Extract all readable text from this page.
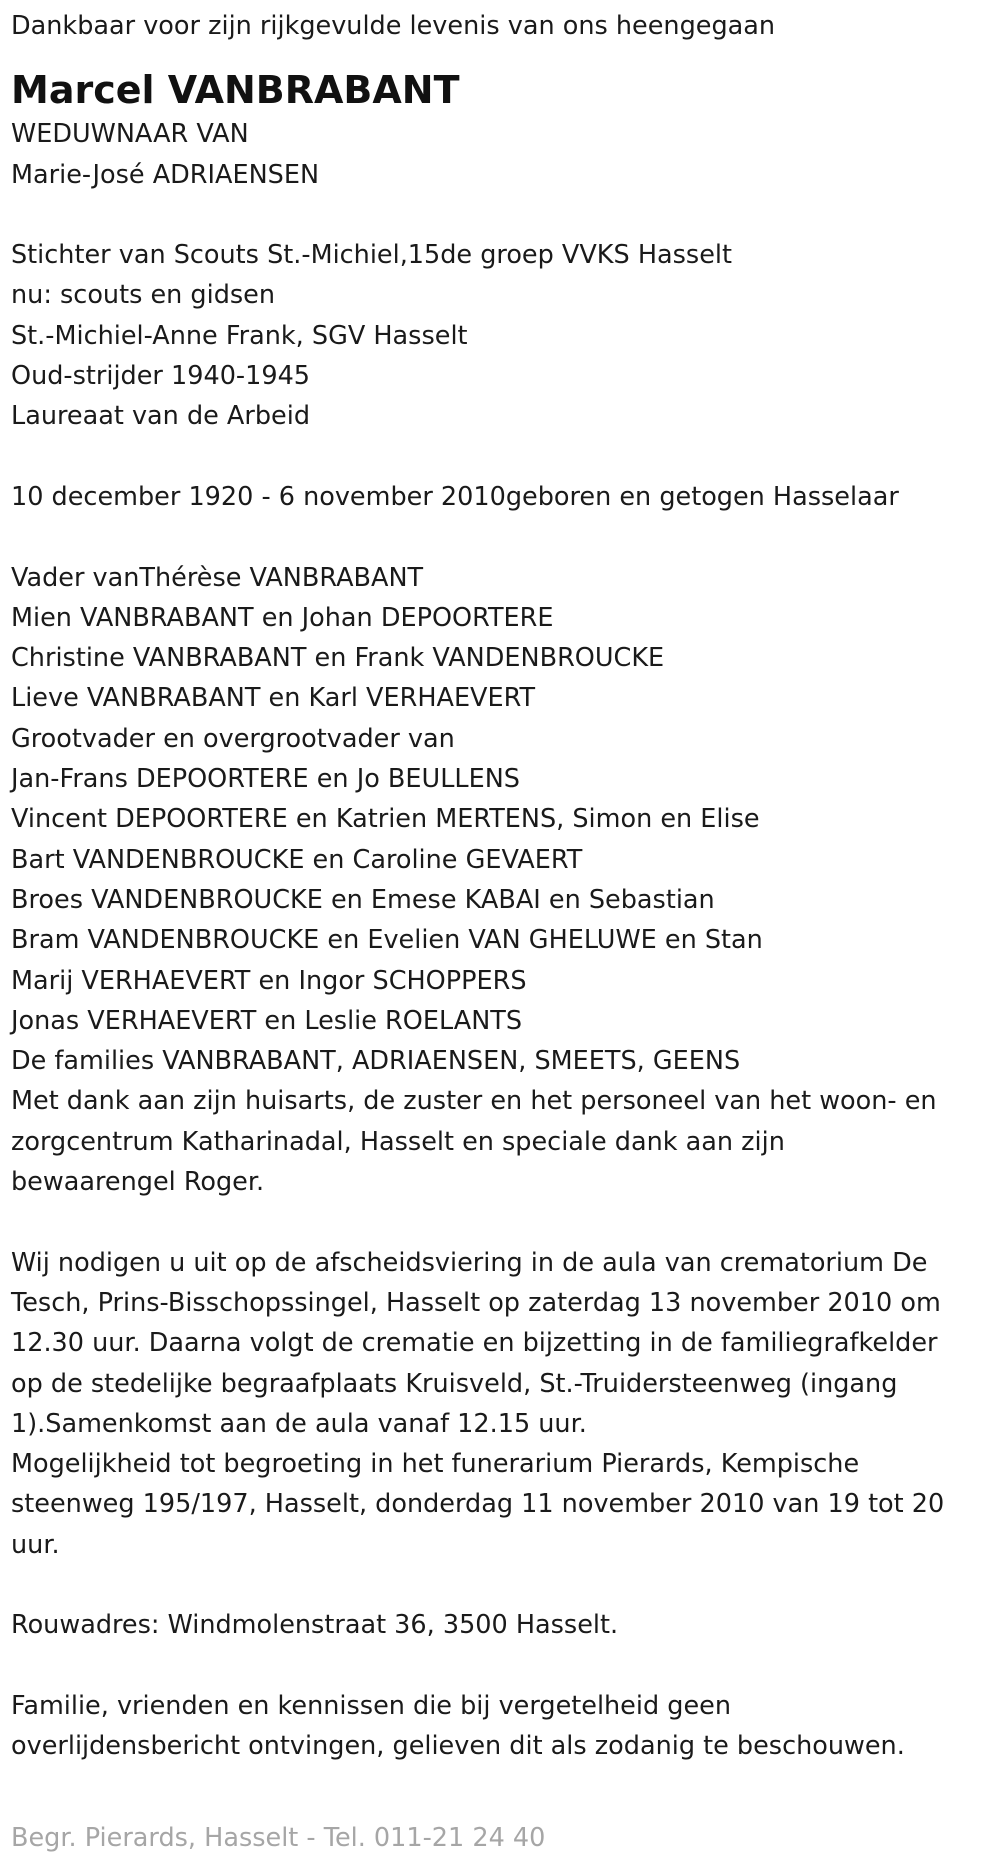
Dankbaar voor zijn rijkgevulde levenis van ons heengegaan
Marcel VANBRABANT
WEDUWNAAR VAN
Marie-José ADRIAENSEN
Stichter van Scouts St.-Michiel,15de groep VVKS Hasselt
nu: scouts en gidsen
St.-Michiel-Anne Frank, SGV Hasselt
Oud-strijder 1940-1945
Laureaat van de Arbeid
10 december 1920 - 6 november 2010geboren en getogen Hasselaar
Vader vanThérèse VANBRABANT
Mien VANBRABANT en Johan DEPOORTERE
Christine VANBRABANT en Frank VANDENBROUCKE
Lieve VANBRABANT en Karl VERHAEVERT
Grootvader en overgrootvader van
Jan-Frans DEPOORTERE en Jo BEULLENS
Vincent DEPOORTERE en Katrien MERTENS, Simon en Elise
Bart VANDENBROUCKE en Caroline GEVAERT
Broes VANDENBROUCKE en Emese KABAI en Sebastian
Bram VANDENBROUCKE en Evelien VAN GHELUWE en Stan
Marij VERHAEVERT en Ingor SCHOPPERS
Jonas VERHAEVERT en Leslie ROELANTS
De families VANBRABANT, ADRIAENSEN, SMEETS, GEENS
Met dank aan zijn huisarts, de zuster en het personeel van het woon- en
zorgcentrum Katharinadal, Hasselt en speciale dank aan zijn
bewaarengel Roger.
Wij nodigen u uit op de afscheidsviering in de aula van crematorium De
Tesch, Prins-Bisschopssingel, Hasselt op zaterdag 13 november 2010 om
12.30 uur. Daarna volgt de crematie en bijzetting in de familiegrafkelder
op de stedelijke begraafplaats Kruisveld, St.-Truidersteenweg (ingang
1).Samenkomst aan de aula vanaf 12.15 uur.
Mogelijkheid tot begroeting in het funerarium Pierards, Kempische
steenweg 195/197, Hasselt, donderdag 11 november 2010 van 19 tot 20
uur.
Rouwadres: Windmolenstraat 36, 3500 Hasselt.
Familie, vrienden en kennissen die bij vergetelheid geen
overlijdensbericht ontvingen, gelieven dit als zodanig te beschouwen.
Begr. Pierards, Hasselt - Tel. 011-21 24 40
